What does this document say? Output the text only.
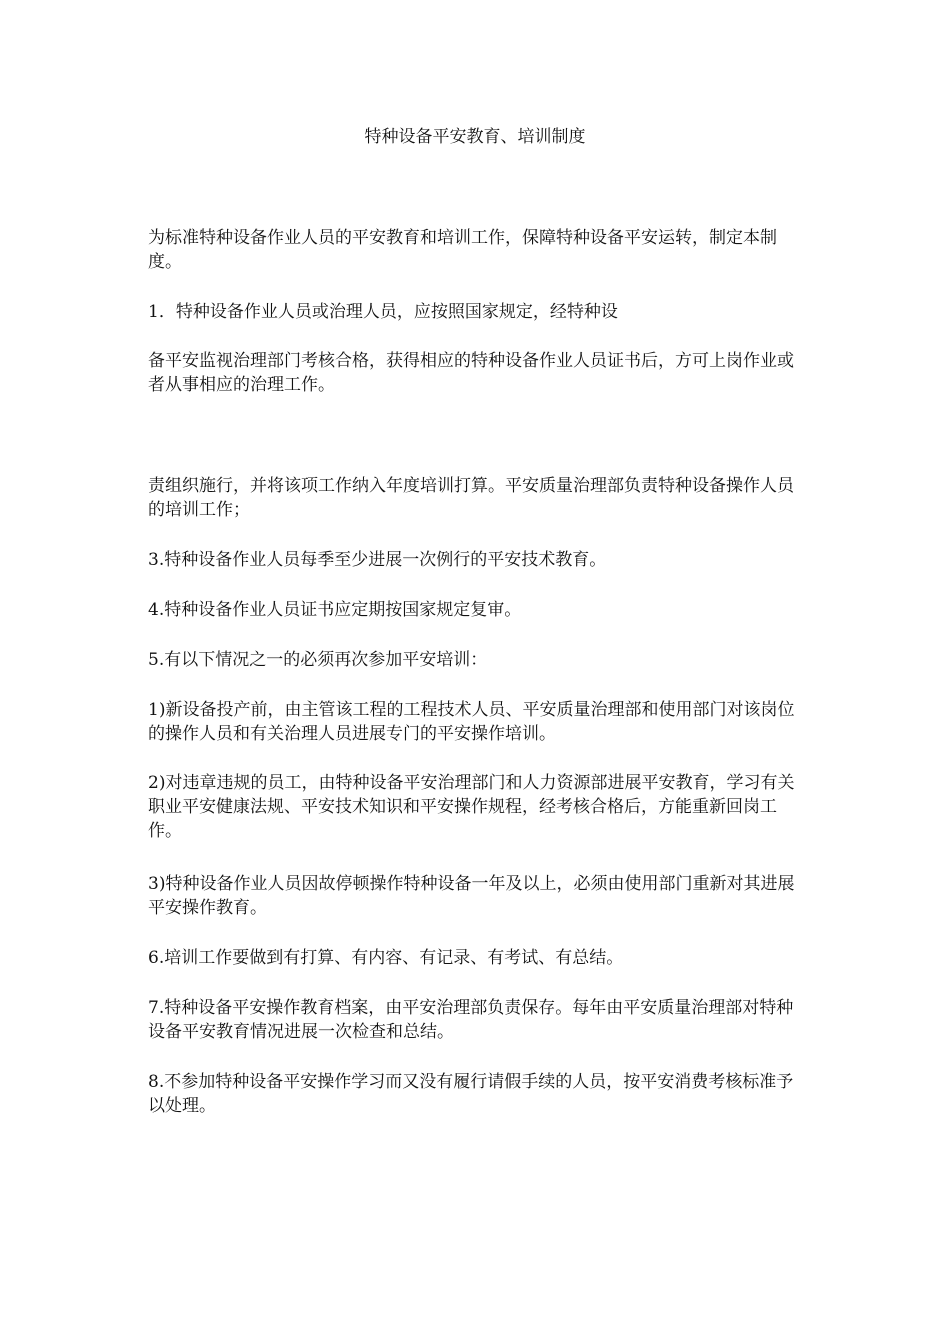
特种设备平安教育、培训制度

为标准特种设备作业人员的平安教育和培训工作，保障特种设备平安运转，制定本制度。

1．特种设备作业人员或治理人员，应按照国家规定，经特种设

备平安监视治理部门考核合格，获得相应的特种设备作业人员证书后，方可上岗作业或者从事相应的治理工作。

责组织施行，并将该项工作纳入年度培训打算。平安质量治理部负责特种设备操作人员的培训工作；

3.特种设备作业人员每季至少进展一次例行的平安技术教育。

4.特种设备作业人员证书应定期按国家规定复审。

5.有以下情况之一的必须再次参加平安培训：

1)新设备投产前，由主管该工程的工程技术人员、平安质量治理部和使用部门对该岗位的操作人员和有关治理人员进展专门的平安操作培训。

2)对违章违规的员工，由特种设备平安治理部门和人力资源部进展平安教育，学习有关职业平安健康法规、平安技术知识和平安操作规程，经考核合格后，方能重新回岗工作。

3)特种设备作业人员因故停顿操作特种设备一年及以上，必须由使用部门重新对其进展平安操作教育。

6.培训工作要做到有打算、有内容、有记录、有考试、有总结。

7.特种设备平安操作教育档案，由平安治理部负责保存。每年由平安质量治理部对特种设备平安教育情况进展一次检查和总结。

8.不参加特种设备平安操作学习而又没有履行请假手续的人员，按平安消费考核标准予以处理。
